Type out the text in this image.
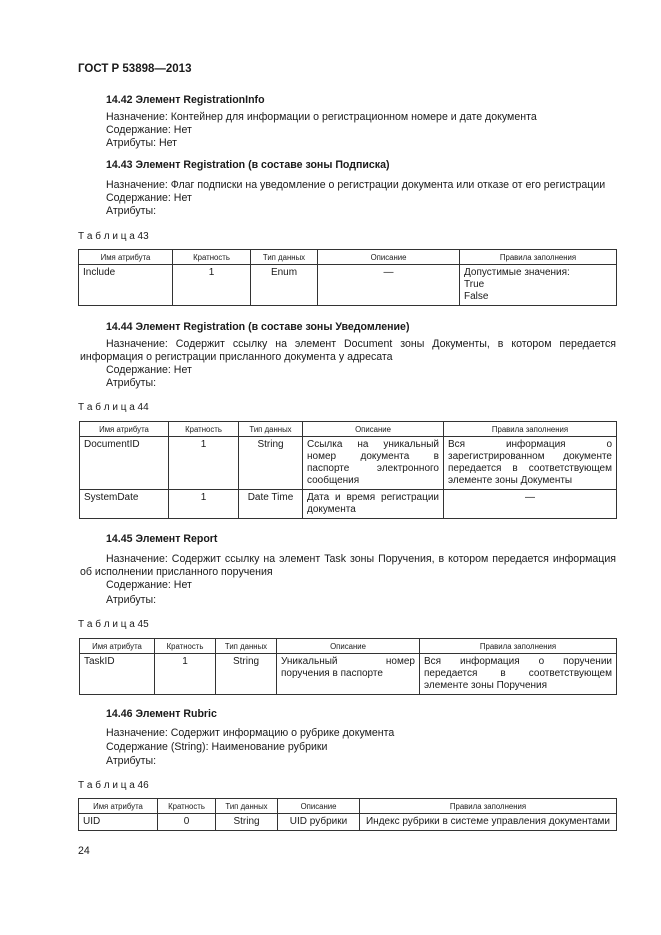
ГОСТ Р 53898—2013
14.42 Элемент RegistrationInfo
Назначение: Контейнер для информации о регистрационном номере и дате документа
Содержание: Нет
Атрибуты: Нет
14.43 Элемент Registration (в составе зоны Подписка)
Назначение: Флаг подписки на уведомление о регистрации документа или отказе от его регистрации
Содержание: Нет
Атрибуты:
Т а б л и ц а 43
Имя атрибута	Кратность	Тип данных	Описание	Правила заполнения
Include	1	Enum	—	Допустимые значения:
True
False
14.44 Элемент Registration (в составе зоны Уведомление)
Назначение: Содержит ссылку на элемент Document зоны Документы, в котором передается информация о регистрации присланного документа у адресата
Содержание: Нет
Атрибуты:
Т а б л и ц а 44
Имя атрибута	Кратность	Тип данных	Описание	Правила заполнения
DocumentID	1	String	Ссылка на уникальный номер документа в паспорте электронного сообщения	Вся информация о зарегистрированном документе передается в соответствующем элементе зоны Документы
SystemDate	1	Date Time	Дата и время регистрации документа	—
14.45 Элемент Report
Назначение: Содержит ссылку на элемент Task зоны Поручения, в котором передается информация об исполнении присланного поручения
Содержание: Нет
Атрибуты:
Т а б л и ц а 45
Имя атрибута	Кратность	Тип данных	Описание	Правила заполнения
TaskID	1	String	Уникальный номер поручения в паспорте	Вся информация о поручении передается в соответствующем элементе зоны Поручения
14.46 Элемент Rubric
Назначение: Содержит информацию о рубрике документа
Содержание (String): Наименование рубрики
Атрибуты:
Т а б л и ц а 46
Имя атрибута	Кратность	Тип данных	Описание	Правила заполнения
UID	0	String	UID рубрики	Индекс рубрики в системе управления документами
24
